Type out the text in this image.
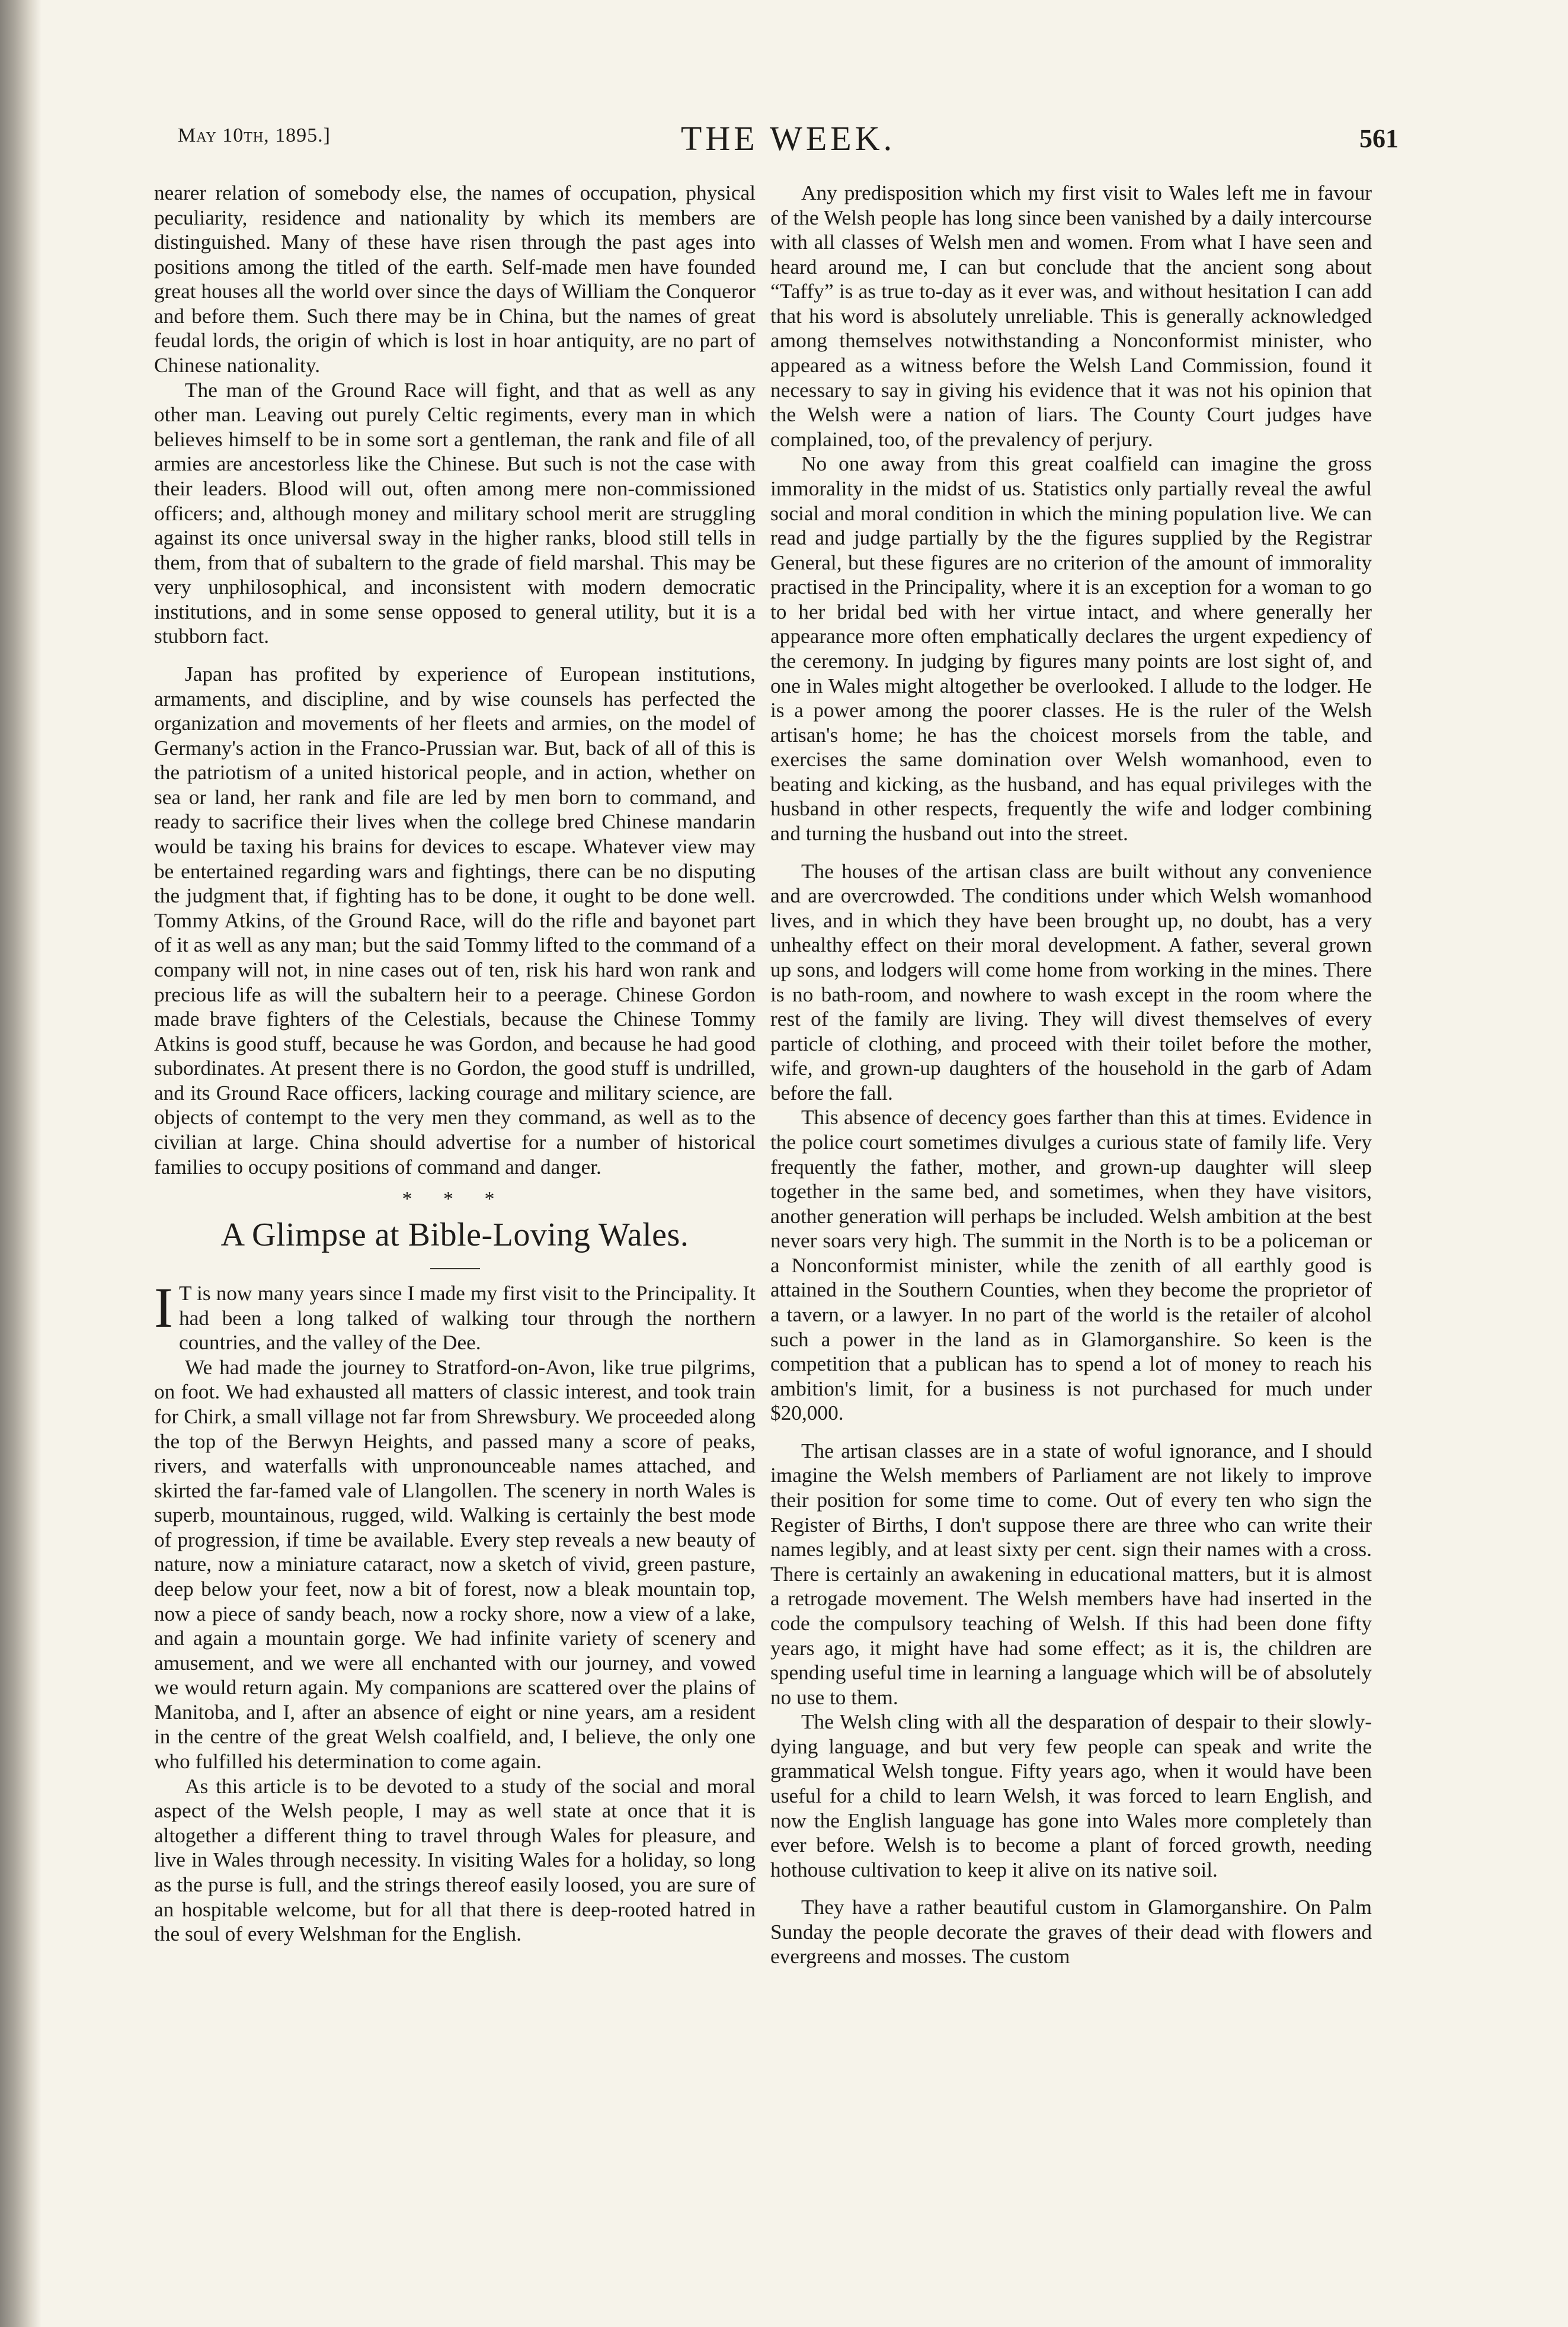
May 10th, 1895.]	THE WEEK.	561

nearer relation of somebody else, the names of occupation, physical peculiarity, residence and nationality by which its members are distinguished. Many of these have risen through the past ages into positions among the titled of the earth. Self-made men have founded great houses all the world over since the days of William the Conqueror and before them. Such there may be in China, but the names of great feudal lords, the origin of which is lost in hoar antiquity, are no part of Chinese nationality.

The man of the Ground Race will fight, and that as well as any other man. Leaving out purely Celtic regiments, every man in which believes himself to be in some sort a gentleman, the rank and file of all armies are ancestorless like the Chinese. But such is not the case with their leaders. Blood will out, often among mere non-commissioned officers; and, although money and military school merit are struggling against its once universal sway in the higher ranks, blood still tells in them, from that of subaltern to the grade of field marshal. This may be very unphilosophical, and inconsistent with modern democratic institutions, and in some sense opposed to general utility, but it is a stubborn fact.

Japan has profited by experience of European institutions, armaments, and discipline, and by wise counsels has perfected the organization and movements of her fleets and armies, on the model of Germany's action in the Franco-Prussian war. But, back of all of this is the patriotism of a united historical people, and in action, whether on sea or land, her rank and file are led by men born to command, and ready to sacrifice their lives when the college bred Chinese mandarin would be taxing his brains for devices to escape. Whatever view may be entertained regarding wars and fightings, there can be no disputing the judgment that, if fighting has to be done, it ought to be done well. Tommy Atkins, of the Ground Race, will do the rifle and bayonet part of it as well as any man; but the said Tommy lifted to the command of a company will not, in nine cases out of ten, risk his hard won rank and precious life as will the subaltern heir to a peerage. Chinese Gordon made brave fighters of the Celestials, because the Chinese Tommy Atkins is good stuff, because he was Gordon, and because he had good subordinates. At present there is no Gordon, the good stuff is undrilled, and its Ground Race officers, lacking courage and military science, are objects of contempt to the very men they command, as well as to the civilian at large. China should advertise for a number of historical families to occupy positions of command and danger.

* * *
A Glimpse at Bible-Loving Wales.

I T is now many years since I made my first visit to the Principality. It had been a long talked of walking tour through the northern countries, and the valley of the Dee.

We had made the journey to Stratford-on-Avon, like true pilgrims, on foot. We had exhausted all matters of classic interest, and took train for Chirk, a small village not far from Shrewsbury. We proceeded along the top of the Berwyn Heights, and passed many a score of peaks, rivers, and waterfalls with unpronounceable names attached, and skirted the far-famed vale of Llangollen. The scenery in north Wales is superb, mountainous, rugged, wild. Walking is certainly the best mode of progression, if time be available. Every step reveals a new beauty of nature, now a miniature cataract, now a sketch of vivid, green pasture, deep below your feet, now a bit of forest, now a bleak mountain top, now a piece of sandy beach, now a rocky shore, now a view of a lake, and again a mountain gorge. We had infinite variety of scenery and amusement, and we were all enchanted with our journey, and vowed we would return again. My companions are scattered over the plains of Manitoba, and I, after an absence of eight or nine years, am a resident in the centre of the great Welsh coalfield, and, I believe, the only one who fulfilled his determination to come again.

As this article is to be devoted to a study of the social and moral aspect of the Welsh people, I may as well state at once that it is altogether a different thing to travel through Wales for pleasure, and live in Wales through necessity. In visiting Wales for a holiday, so long as the purse is full, and the strings thereof easily loosed, you are sure of an hospitable welcome, but for all that there is deep-rooted hatred in the soul of every Welshman for the English.

Any predisposition which my first visit to Wales left me in favour of the Welsh people has long since been vanished by a daily intercourse with all classes of Welsh men and women. From what I have seen and heard around me, I can but conclude that the ancient song about “Taffy” is as true to-day as it ever was, and without hesitation I can add that his word is absolutely unreliable. This is generally acknowledged among themselves notwithstanding a Nonconformist minister, who appeared as a witness before the Welsh Land Commission, found it necessary to say in giving his evidence that it was not his opinion that the Welsh were a nation of liars. The County Court judges have complained, too, of the prevalency of perjury.

No one away from this great coalfield can imagine the gross immorality in the midst of us. Statistics only partially reveal the awful social and moral condition in which the mining population live. We can read and judge partially by the the figures supplied by the Registrar General, but these figures are no criterion of the amount of immorality practised in the Principality, where it is an exception for a woman to go to her bridal bed with her virtue intact, and where generally her appearance more often emphatically declares the urgent expediency of the ceremony. In judging by figures many points are lost sight of, and one in Wales might altogether be overlooked. I allude to the lodger. He is a power among the poorer classes. He is the ruler of the Welsh artisan's home; he has the choicest morsels from the table, and exercises the same domination over Welsh womanhood, even to beating and kicking, as the husband, and has equal privileges with the husband in other respects, frequently the wife and lodger combining and turning the husband out into the street.

The houses of the artisan class are built without any convenience and are overcrowded. The conditions under which Welsh womanhood lives, and in which they have been brought up, no doubt, has a very unhealthy effect on their moral development. A father, several grown up sons, and lodgers will come home from working in the mines. There is no bath-room, and nowhere to wash except in the room where the rest of the family are living. They will divest themselves of every particle of clothing, and proceed with their toilet before the mother, wife, and grown-up daughters of the household in the garb of Adam before the fall.

This absence of decency goes farther than this at times. Evidence in the police court sometimes divulges a curious state of family life. Very frequently the father, mother, and grown-up daughter will sleep together in the same bed, and sometimes, when they have visitors, another generation will perhaps be included. Welsh ambition at the best never soars very high. The summit in the North is to be a policeman or a Nonconformist minister, while the zenith of all earthly good is attained in the Southern Counties, when they become the proprietor of a tavern, or a lawyer. In no part of the world is the retailer of alcohol such a power in the land as in Glamorganshire. So keen is the competition that a publican has to spend a lot of money to reach his ambition's limit, for a business is not purchased for much under $20,000.

The artisan classes are in a state of woful ignorance, and I should imagine the Welsh members of Parliament are not likely to improve their position for some time to come. Out of every ten who sign the Register of Births, I don't suppose there are three who can write their names legibly, and at least sixty per cent. sign their names with a cross. There is certainly an awakening in educational matters, but it is almost a retrogade movement. The Welsh members have had inserted in the code the compulsory teaching of Welsh. If this had been done fifty years ago, it might have had some effect; as it is, the children are spending useful time in learning a language which will be of absolutely no use to them.

The Welsh cling with all the desparation of despair to their slowly-dying language, and but very few people can speak and write the grammatical Welsh tongue. Fifty years ago, when it would have been useful for a child to learn Welsh, it was forced to learn English, and now the English language has gone into Wales more completely than ever before. Welsh is to become a plant of forced growth, needing hothouse cultivation to keep it alive on its native soil.

They have a rather beautiful custom in Glamorganshire. On Palm Sunday the people decorate the graves of their dead with flowers and evergreens and mosses. The custom
